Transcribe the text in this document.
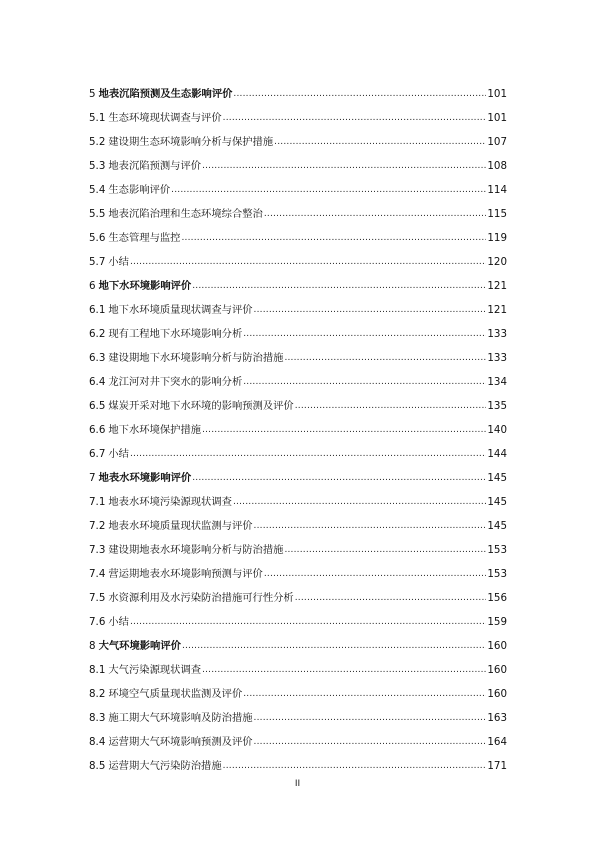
5 地表沉陷预测及生态影响评价 .....	101
5.1 生态环境现状调查与评价 .....	101
5.2 建设期生态环境影响分析与保护措施 .....	107
5.3 地表沉陷预测与评价 .....	108
5.4 生态影响评价 .....	114
5.5 地表沉陷治理和生态环境综合整治 .....	115
5.6 生态管理与监控 .....	119
5.7 小结 .....	120
6 地下水环境影响评价 .....	121
6.1 地下水环境质量现状调查与评价 .....	121
6.2 现有工程地下水环境影响分析 .....	133
6.3 建设期地下水环境影响分析与防治措施 .....	133
6.4 龙江河对井下突水的影响分析 .....	134
6.5 煤炭开采对地下水环境的影响预测及评价 .....	135
6.6 地下水环境保护措施 .....	140
6.7 小结 .....	144
7 地表水环境影响评价 .....	145
7.1 地表水环境污染源现状调查 .....	145
7.2 地表水环境质量现状监测与评价 .....	145
7.3 建设期地表水环境影响分析与防治措施 .....	153
7.4 营运期地表水环境影响预测与评价 .....	153
7.5 水资源利用及水污染防治措施可行性分析 .....	156
7.6 小结 .....	159
8 大气环境影响评价 .....	160
8.1 大气污染源现状调查 .....	160
8.2 环境空气质量现状监测及评价 .....	160
8.3 施工期大气环境影响及防治措施 .....	163
8.4 运营期大气环境影响预测及评价 .....	164
8.5 运营期大气污染防治措施 .....	171
II
